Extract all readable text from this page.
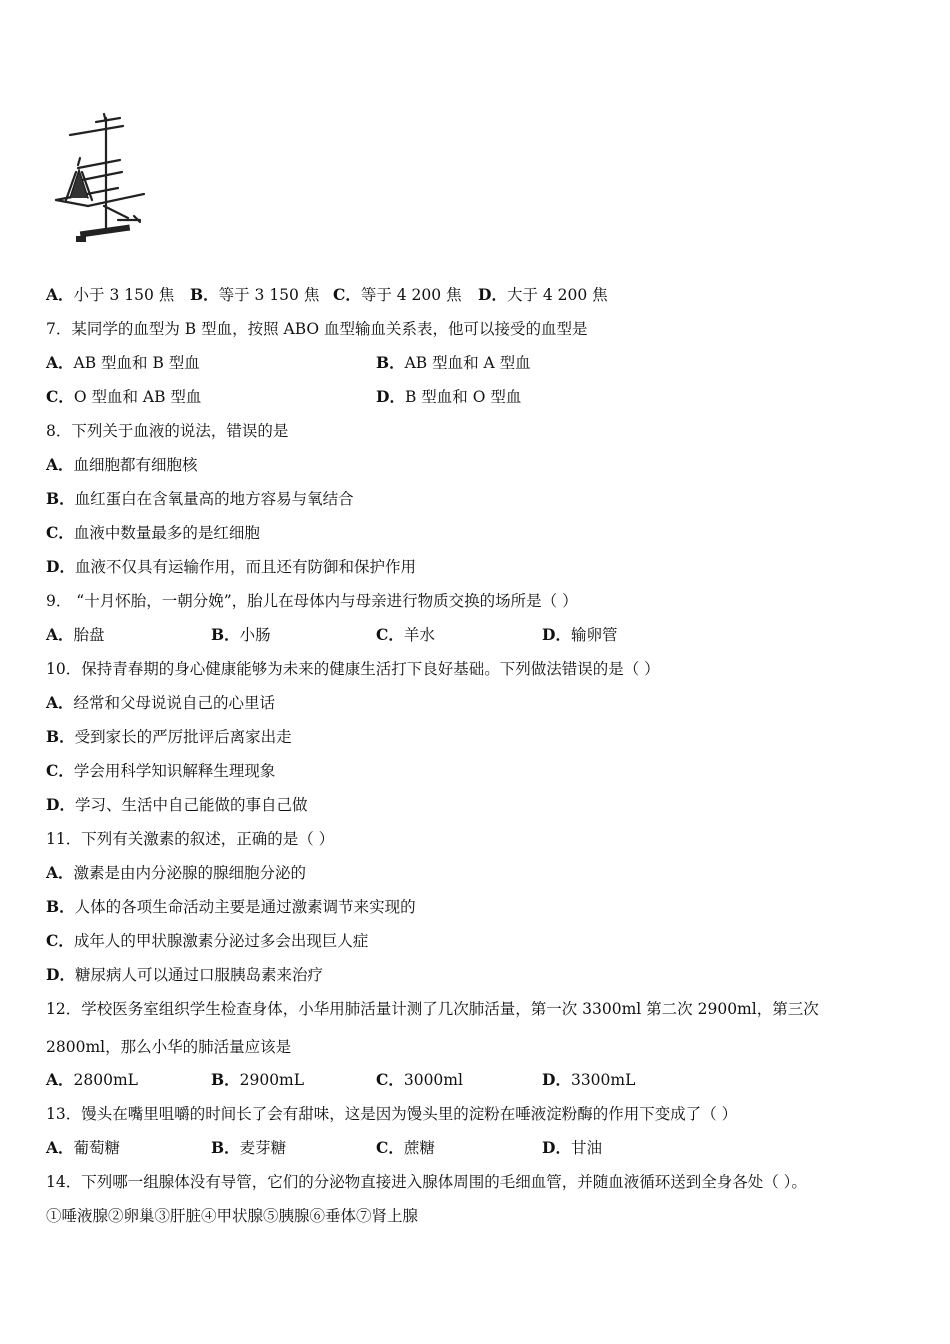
A．小于 3 150 焦 B．等于 3 150 焦 C．等于 4 200 焦 D．大于 4 200 焦
7．某同学的血型为 B 型血，按照 ABO 血型输血关系表，他可以接受的血型是
A．AB 型血和 B 型血	B．AB 型血和 A 型血
C．O 型血和 AB 型血	D．B 型血和 O 型血
8．下列关于血液的说法，错误的是
A．血细胞都有细胞核
B．血红蛋白在含氧量高的地方容易与氧结合
C．血液中数量最多的是红细胞
D．血液不仅具有运输作用，而且还有防御和保护作用
9． “十月怀胎，一朝分娩”，胎儿在母体内与母亲进行物质交换的场所是（ ）
A．胎盘	B．小肠	C．羊水	D．输卵管
10．保持青春期的身心健康能够为未来的健康生活打下良好基础。下列做法错误的是（ ）
A．经常和父母说说自己的心里话
B．受到家长的严厉批评后离家出走
C．学会用科学知识解释生理现象
D．学习、生活中自己能做的事自己做
11．下列有关激素的叙述，正确的是（ ）
A．激素是由内分泌腺的腺细胞分泌的
B．人体的各项生命活动主要是通过激素调节来实现的
C．成年人的甲状腺激素分泌过多会出现巨人症
D．糖尿病人可以通过口服胰岛素来治疗
12．学校医务室组织学生检查身体，小华用肺活量计测了几次肺活量，第一次 3300ml 第二次 2900ml，第三次
2800ml，那么小华的肺活量应该是
A．2800mL	B．2900mL	C．3000ml	D．3300mL
13．馒头在嘴里咀嚼的时间长了会有甜味，这是因为馒头里的淀粉在唾液淀粉酶的作用下变成了（ ）
A．葡萄糖	B．麦芽糖	C．蔗糖	D．甘油
14．下列哪一组腺体没有导管，它们的分泌物直接进入腺体周围的毛细血管，并随血液循环送到全身各处（ ）。
①唾液腺②卵巢③肝脏④甲状腺⑤胰腺⑥垂体⑦肾上腺
